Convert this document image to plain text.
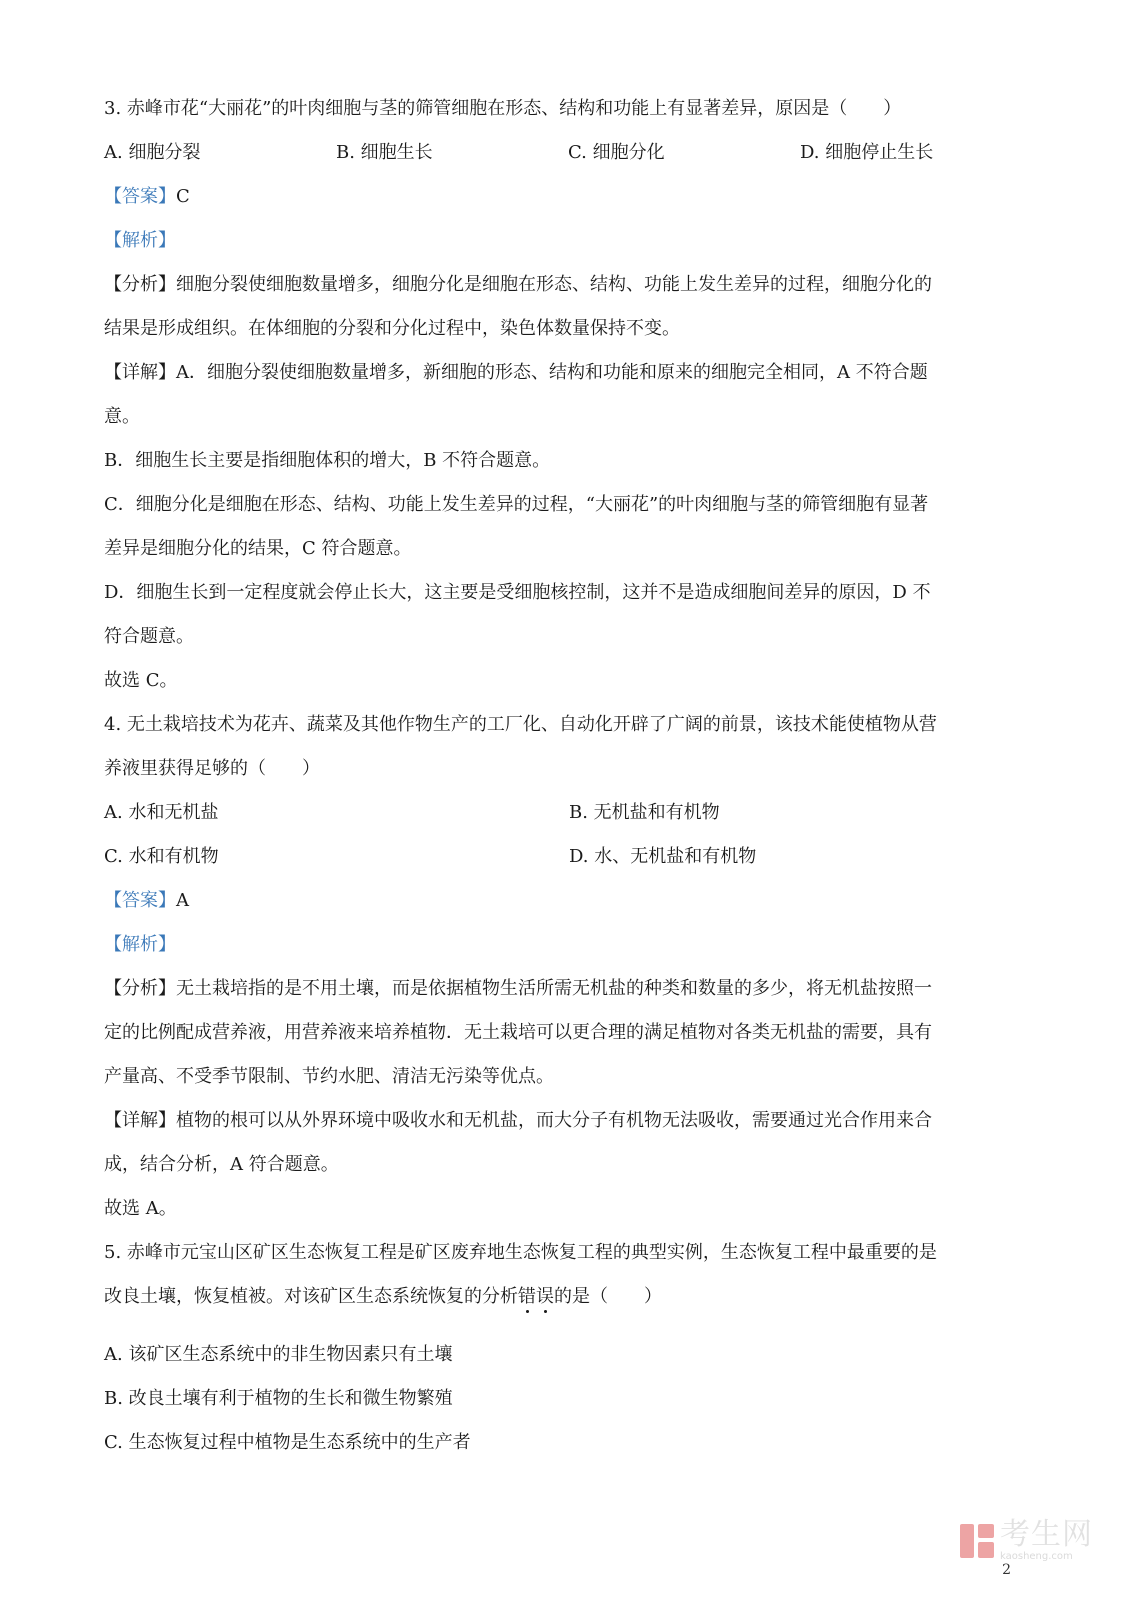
3. 赤峰市花“大丽花”的叶肉细胞与茎的筛管细胞在形态、结构和功能上有显著差异，原因是（　　）

A. 细胞分裂	B. 细胞生长	C. 细胞分化	D. 细胞停止生长

【答案】C

【解析】

【分析】细胞分裂使细胞数量增多，细胞分化是细胞在形态、结构、功能上发生差异的过程，细胞分化的

结果是形成组织。在体细胞的分裂和分化过程中，染色体数量保持不变。

【详解】A．细胞分裂使细胞数量增多，新细胞的形态、结构和功能和原来的细胞完全相同，A 不符合题

意。

B．细胞生长主要是指细胞体积的增大，B 不符合题意。

C．细胞分化是细胞在形态、结构、功能上发生差异的过程，“大丽花”的叶肉细胞与茎的筛管细胞有显著

差异是细胞分化的结果，C 符合题意。

D．细胞生长到一定程度就会停止长大，这主要是受细胞核控制，这并不是造成细胞间差异的原因，D 不

符合题意。

故选 C。

4. 无土栽培技术为花卉、蔬菜及其他作物生产的工厂化、自动化开辟了广阔的前景，该技术能使植物从营

养液里获得足够的（　　）

A. 水和无机盐	B. 无机盐和有机物
C. 水和有机物	D. 水、无机盐和有机物

【答案】A

【解析】

【分析】无土栽培指的是不用土壤，而是依据植物生活所需无机盐的种类和数量的多少，将无机盐按照一

定的比例配成营养液，用营养液来培养植物．无土栽培可以更合理的满足植物对各类无机盐的需要，具有

产量高、不受季节限制、节约水肥、清洁无污染等优点。

【详解】植物的根可以从外界环境中吸收水和无机盐，而大分子有机物无法吸收，需要通过光合作用来合

成，结合分析，A 符合题意。

故选 A。

5. 赤峰市元宝山区矿区生态恢复工程是矿区废弃地生态恢复工程的典型实例，生态恢复工程中最重要的是

改良土壤，恢复植被。对该矿区生态系统恢复的分析错误的是（　　）

A. 该矿区生态系统中的非生物因素只有土壤

B. 改良土壤有利于植物的生长和微生物繁殖

C. 生态恢复过程中植物是生态系统中的生产者

考生网
kaosheng.com
2
